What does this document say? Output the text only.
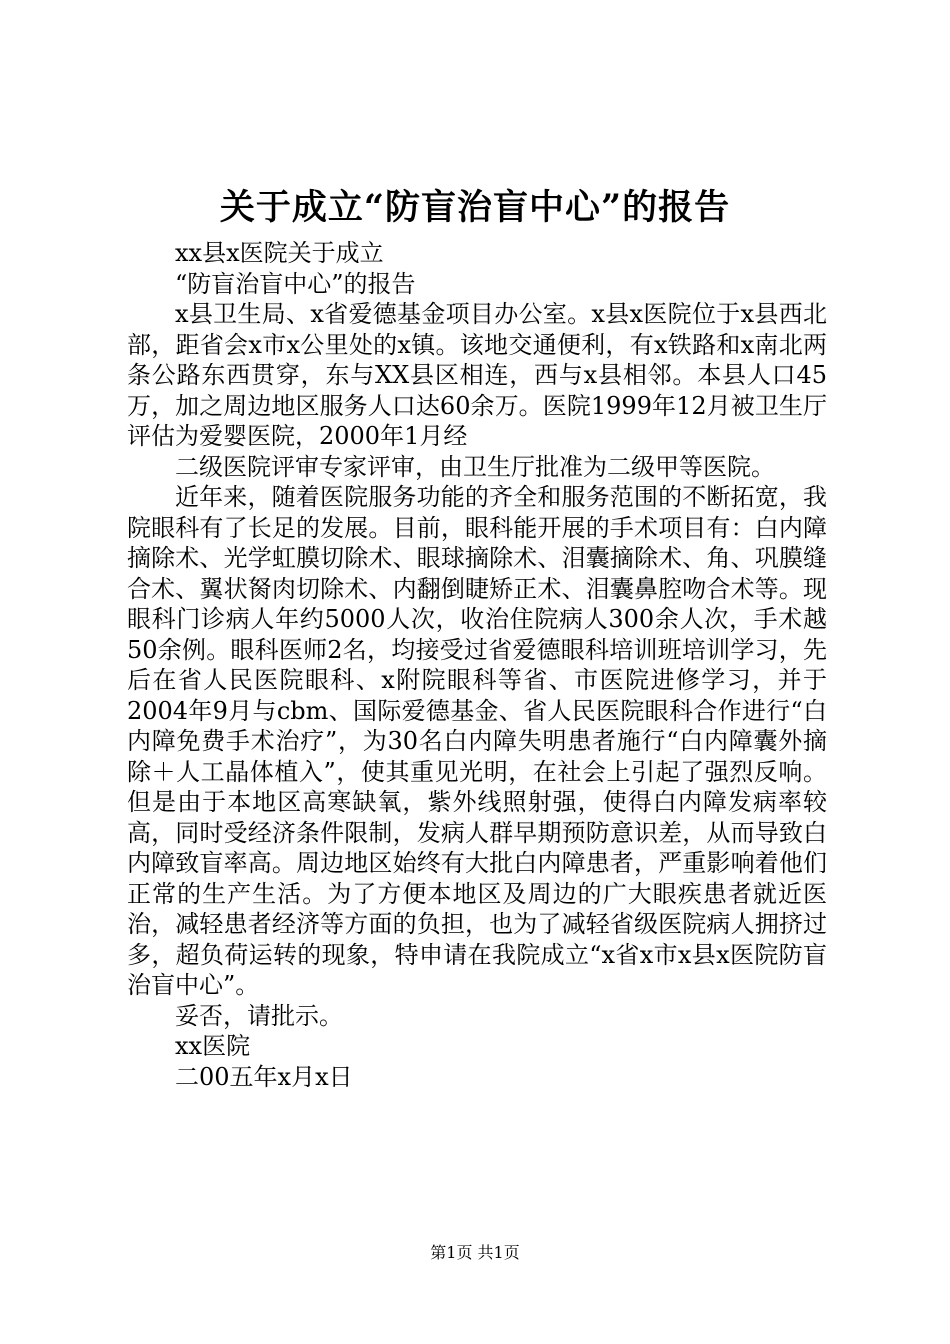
关于成立“防盲治盲中心”的报告

xx县x医院关于成立

“防盲治盲中心”的报告

x县卫生局、x省爱德基金项目办公室。x县x医院位于x县西北部，距省会x市x公里处的x镇。该地交通便利，有x铁路和x南北两条公路东西贯穿，东与XX县区相连，西与x县相邻。本县人口45万，加之周边地区服务人口达60余万。医院1999年12月被卫生厅评估为爱婴医院，2000年1月经

二级医院评审专家评审，由卫生厅批准为二级甲等医院。

近年来，随着医院服务功能的齐全和服务范围的不断拓宽，我院眼科有了长足的发展。目前，眼科能开展的手术项目有：白内障摘除术、光学虹膜切除术、眼球摘除术、泪囊摘除术、角、巩膜缝合术、翼状胬肉切除术、内翻倒睫矫正术、泪囊鼻腔吻合术等。现眼科门诊病人年约5000人次，收治住院病人300余人次，手术越50余例。眼科医师2名，均接受过省爱德眼科培训班培训学习，先后在省人民医院眼科、x附院眼科等省、市医院进修学习，并于2004年9月与cbm、国际爱德基金、省人民医院眼科合作进行“白内障免费手术治疗”，为30名白内障失明患者施行“白内障囊外摘除＋人工晶体植入”，使其重见光明，在社会上引起了强烈反响。但是由于本地区高寒缺氧，紫外线照射强，使得白内障发病率较高，同时受经济条件限制，发病人群早期预防意识差，从而导致白内障致盲率高。周边地区始终有大批白内障患者，严重影响着他们正常的生产生活。为了方便本地区及周边的广大眼疾患者就近医治，减轻患者经济等方面的负担，也为了减轻省级医院病人拥挤过多，超负荷运转的现象，特申请在我院成立“x省x市x县x医院防盲治盲中心”。

妥否，请批示。

xx医院

二00五年x月x日

第1页 共1页
